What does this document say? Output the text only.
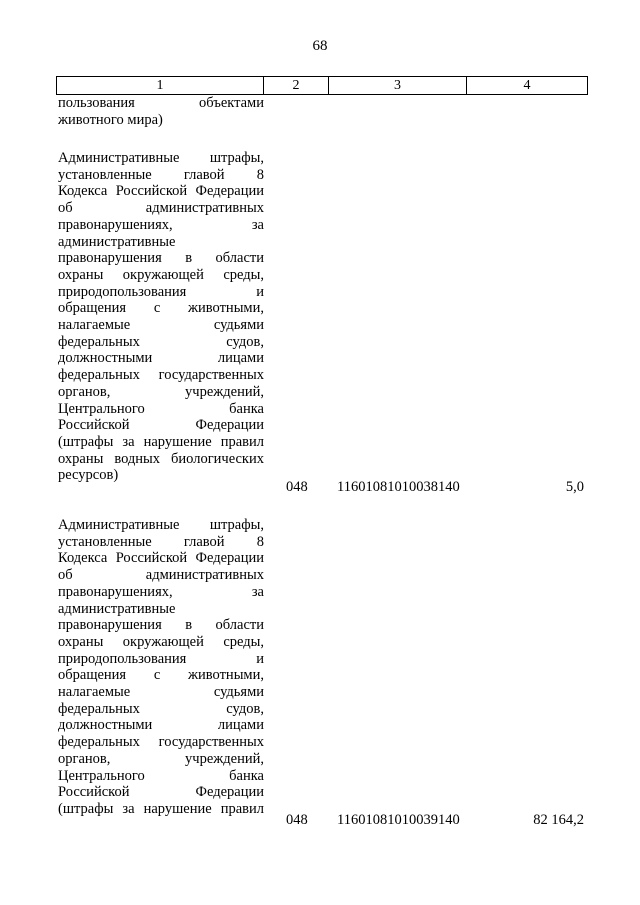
68
1	2	3	4
пользования объектами
животного мира)
Административные штрафы,
установленные главой 8
Кодекса Российской Федерации
об административных
правонарушениях, за
административные
правонарушения в области
охраны окружающей среды,
природопользования и
обращения с животными,
налагаемые судьями
федеральных судов,
должностными лицами
федеральных государственных
органов, учреждений,
Центрального банка
Российской Федерации
(штрафы за нарушение правил
охраны водных биологических
ресурсов)
048 11601081010038140	5,0
Административные штрафы,
установленные главой 8
Кодекса Российской Федерации
об административных
правонарушениях, за
административные
правонарушения в области
охраны окружающей среды,
природопользования и
обращения с животными,
налагаемые судьями
федеральных судов,
должностными лицами
федеральных государственных
органов, учреждений,
Центрального банка
Российской Федерации
(штрафы за нарушение правил
048 11601081010039140	82 164,2
